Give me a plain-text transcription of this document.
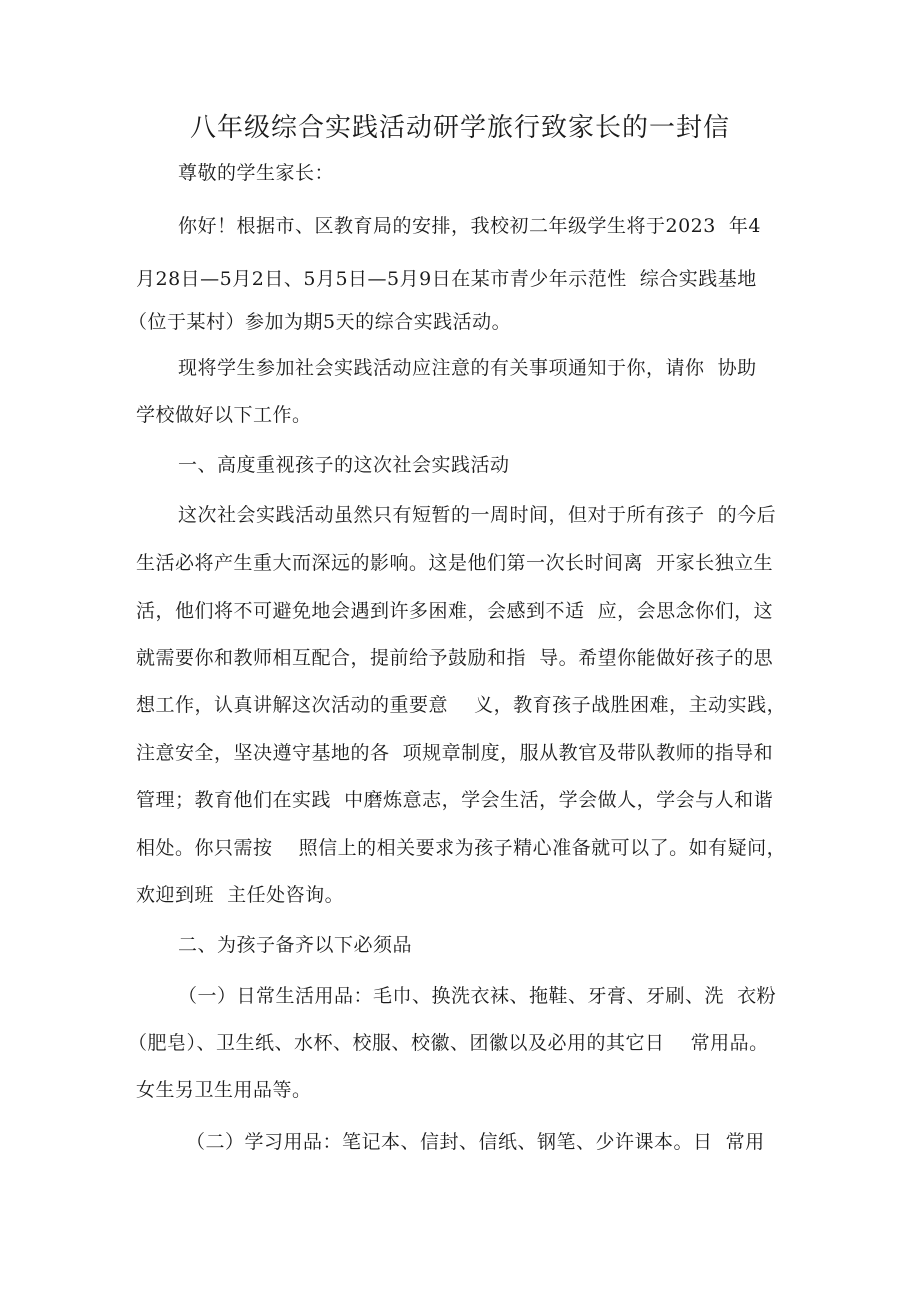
八年级综合实践活动研学旅行致家长的一封信
尊敬的学生家长：
你好！根据市、区教育局的安排，我校初二年级学生将于2023  年4
月28日—5月2日、5月5日—5月9日在某市青少年示范性  综合实践基地
（位于某村）参加为期5天的综合实践活动。
现将学生参加社会实践活动应注意的有关事项通知于你，请你  协助
学校做好以下工作。
一、高度重视孩子的这次社会实践活动
这次社会实践活动虽然只有短暂的一周时间，但对于所有孩子  的今后
生活必将产生重大而深远的影响。这是他们第一次长时间离  开家长独立生
活，他们将不可避免地会遇到许多困难，会感到不适  应，会思念你们，这
就需要你和教师相互配合，提前给予鼓励和指  导。希望你能做好孩子的思
想工作，认真讲解这次活动的重要意    义，教育孩子战胜困难，主动实践，
注意安全，坚决遵守基地的各  项规章制度，服从教官及带队教师的指导和
管理；教育他们在实践  中磨炼意志，学会生活，学会做人，学会与人和谐
相处。你只需按    照信上的相关要求为孩子精心准备就可以了。如有疑问，
欢迎到班  主任处咨询。
二、为孩子备齐以下必须品
（一）日常生活用品：毛巾、换洗衣袜、拖鞋、牙膏、牙刷、洗  衣粉
（肥皂）、卫生纸、水杯、校服、校徽、团徽以及必用的其它日    常用品。
女生另卫生用品等。
（二）学习用品：笔记本、信封、信纸、钢笔、少许课本。日  常用
